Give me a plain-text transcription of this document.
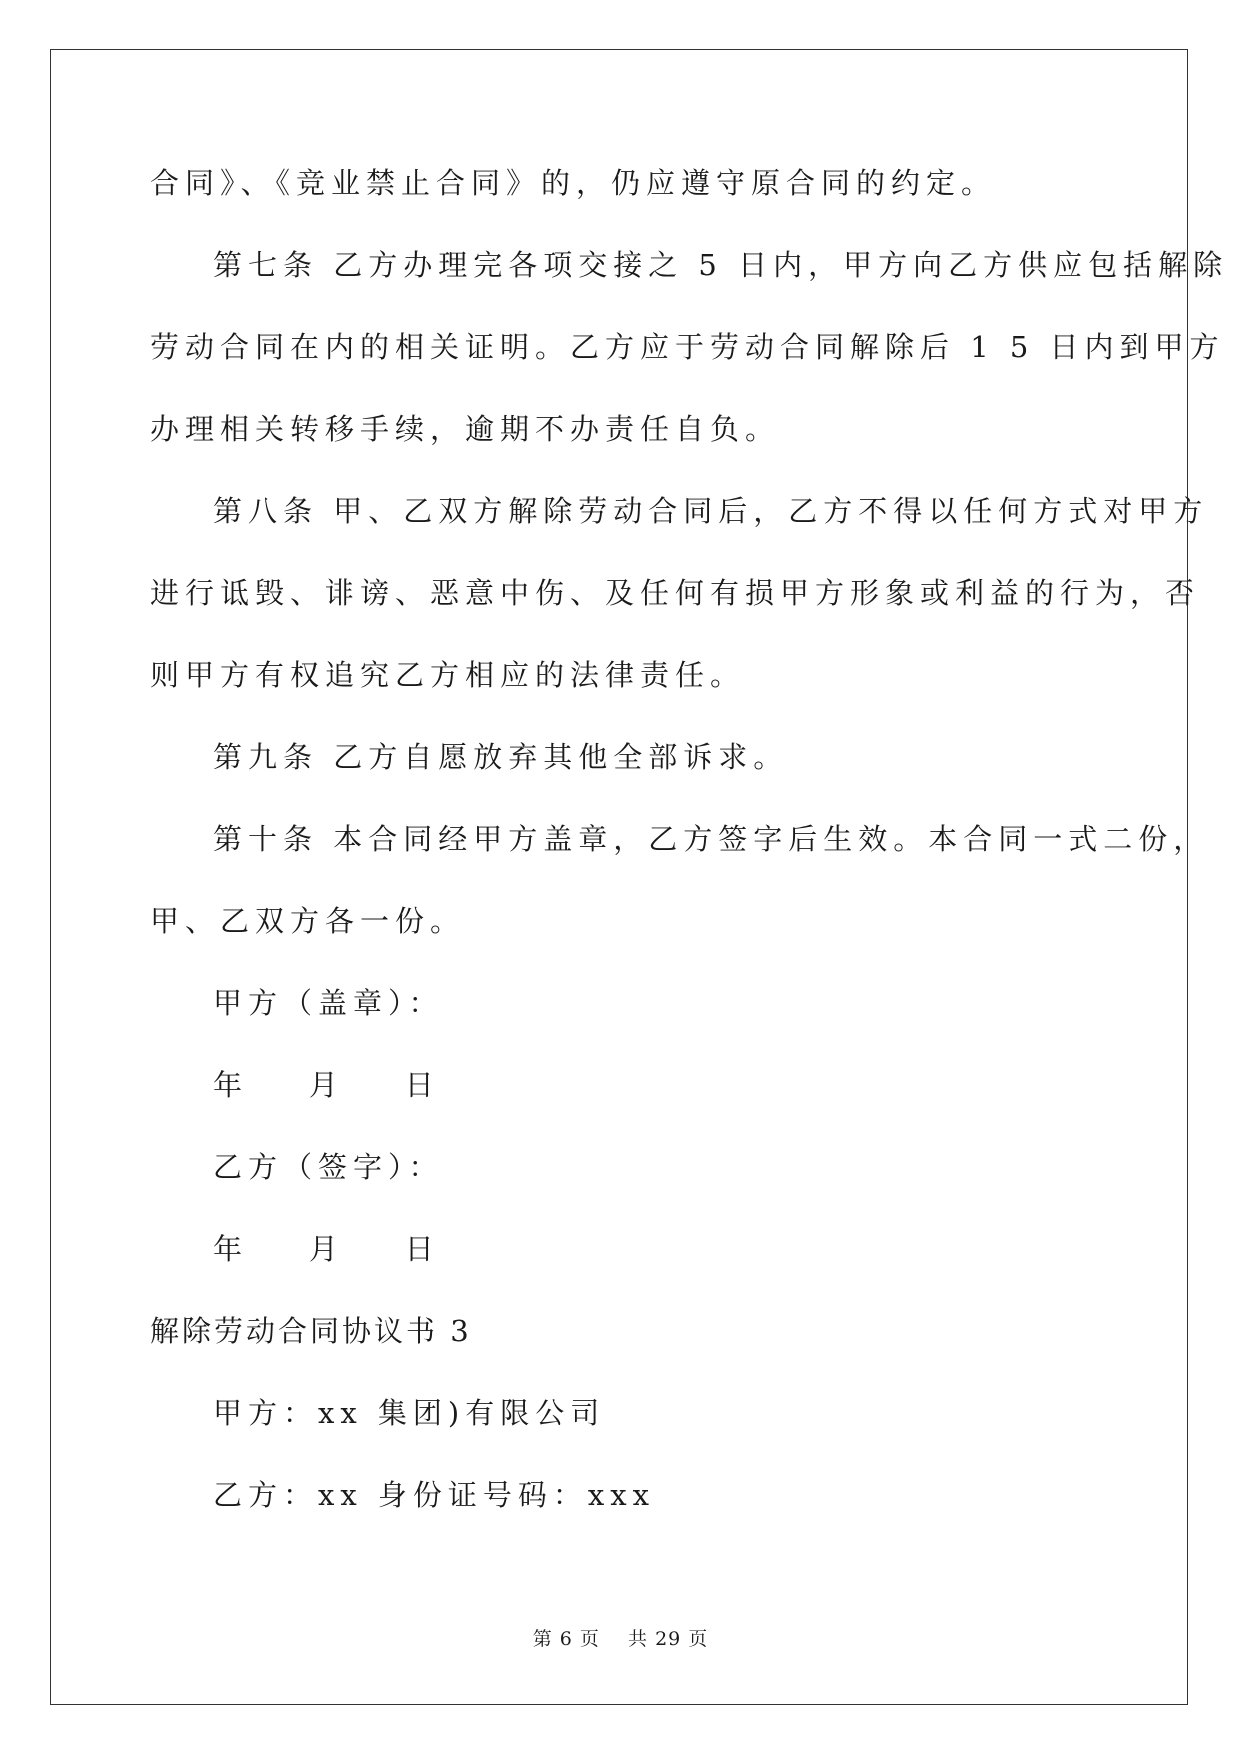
合同》、《竞业禁止合同》的，仍应遵守原合同的约定。
第七条 乙方办理完各项交接之 5 日内，甲方向乙方供应包括解除
劳动合同在内的相关证明。乙方应于劳动合同解除后 1 5 日内到甲方
办理相关转移手续，逾期不办责任自负。
第八条 甲、乙双方解除劳动合同后，乙方不得以任何方式对甲方
进行诋毁、诽谤、恶意中伤、及任何有损甲方形象或利益的行为，否
则甲方有权追究乙方相应的法律责任。
第九条 乙方自愿放弃其他全部诉求。
第十条 本合同经甲方盖章，乙方签字后生效。本合同一式二份，
甲、乙双方各一份。
甲方（盖章）：
年    月    日
乙方（签字）：
年    月    日
解除劳动合同协议书 3
甲方：xx 集团)有限公司
乙方：xx 身份证号码：xxx
第 6 页    共 29 页
